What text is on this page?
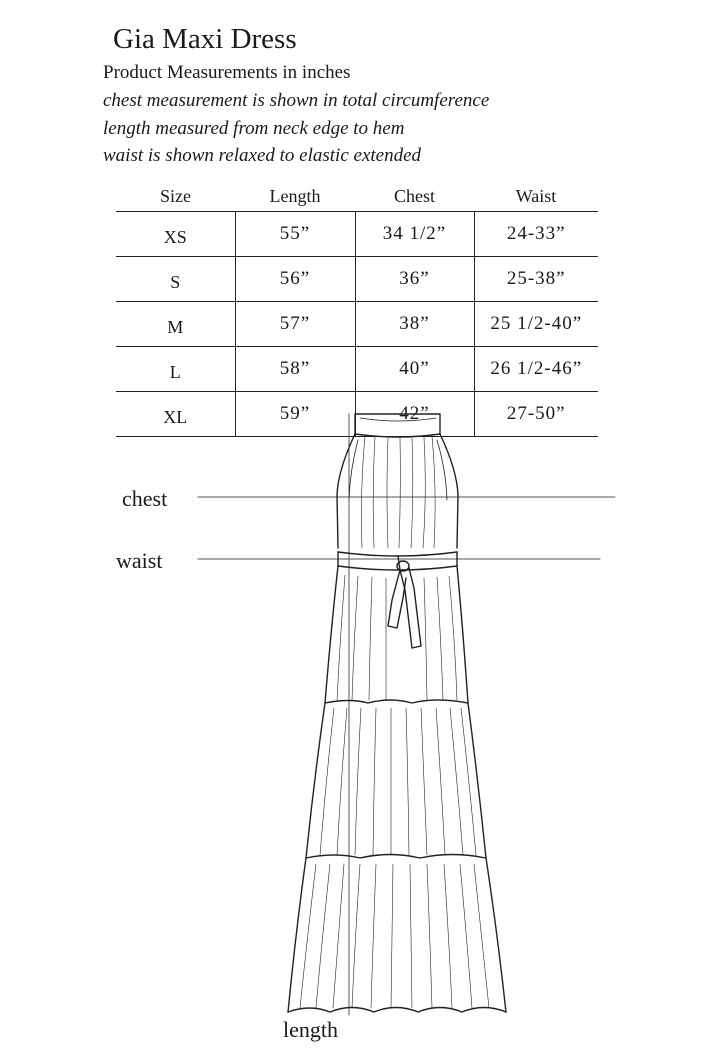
Gia Maxi Dress
Product Measurements in inches
chest measurement is shown in total circumference
length measured from neck edge to hem
waist is shown relaxed to elastic extended
Size	Length	Chest	Waist
XS	55”	34 1/2”	24-33”
S	56”	36”	25-38”
M	57”	38”	25 1/2-40”
L	58”	40”	26 1/2-46”
XL	59”	42”	27-50”
chest
waist
length
